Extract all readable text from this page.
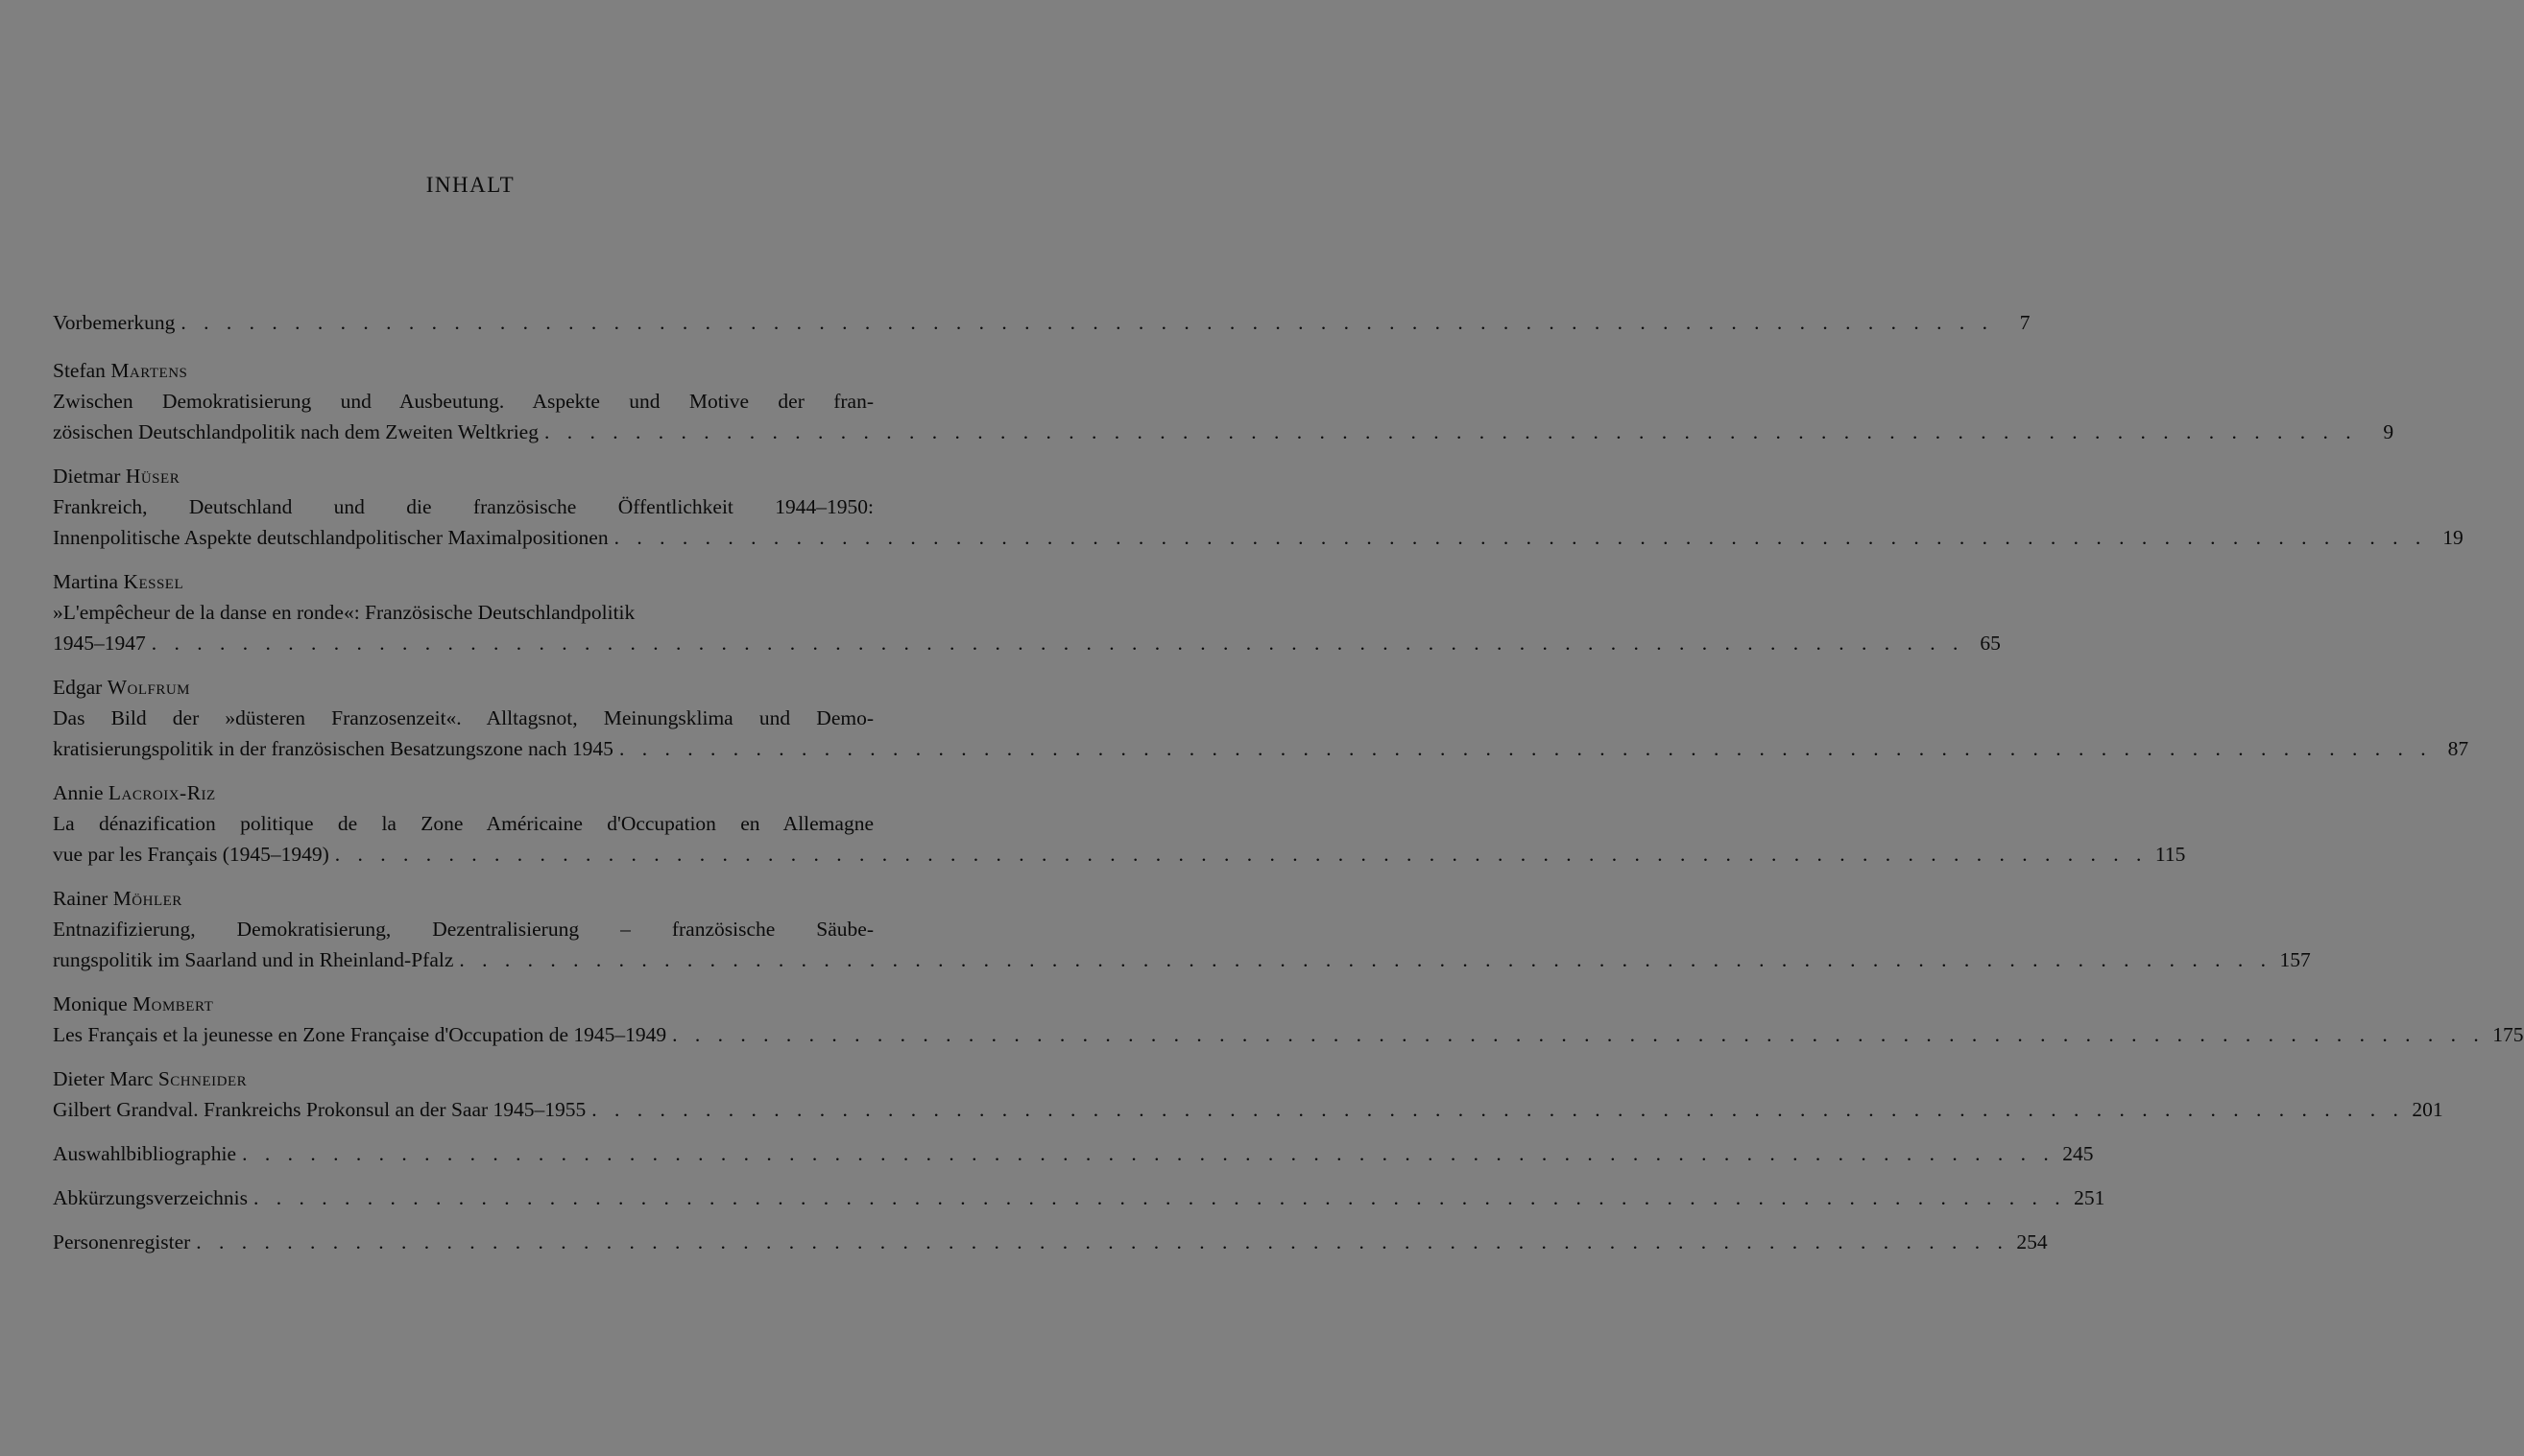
INHALT
Vorbemerkung . . . . . . . . . . . . . . . . . . . . . . . . . . . . . . . . . . . . . . . . . . . . . . . . . . . . . . . . . . . . . . . . . . . . . . . . . . . . . . . .	7
Stefan Martens
Zwischen Demokratisierung und Ausbeutung. Aspekte und Motive der fran-
zösischen Deutschlandpolitik nach dem Zweiten Weltkrieg . . . . . . . . . . . . . . . . . . . . . . . . . . . . . . . . . . . . . . . . . . . . . . . . . . . . . . . . . . . . . . . . . . . . . . . . . . . . . . . .	9
Dietmar Hüser
Frankreich, Deutschland und die französische Öffentlichkeit 1944–1950:
Innenpolitische Aspekte deutschlandpolitischer Maximalpositionen . . . . . . . . . . . . . . . . . . . . . . . . . . . . . . . . . . . . . . . . . . . . . . . . . . . . . . . . . . . . . . . . . . . . . . . . . . . . . . . . 19
Martina Kessel
»L'empêcheur de la danse en ronde«: Französische Deutschlandpolitik
1945–1947 . . . . . . . . . . . . . . . . . . . . . . . . . . . . . . . . . . . . . . . . . . . . . . . . . . . . . . . . . . . . . . . . . . . . . . . . . . . . . . . . 65
Edgar Wolfrum
Das Bild der »düsteren Franzosenzeit«. Alltagsnot, Meinungsklima und Demo-
kratisierungspolitik in der französischen Besatzungszone nach 1945 . . . . . . . . . . . . . . . . . . . . . . . . . . . . . . . . . . . . . . . . . . . . . . . . . . . . . . . . . . . . . . . . . . . . . . . . . . . . . . . . 87
Annie Lacroix-Riz
La dénazification politique de la Zone Américaine d'Occupation en Allemagne
vue par les Français (1945–1949) . . . . . . . . . . . . . . . . . . . . . . . . . . . . . . . . . . . . . . . . . . . . . . . . . . . . . . . . . . . . . . . . . . . . . . . . . . . . . . . . 115
Rainer Möhler
Entnazifizierung, Demokratisierung, Dezentralisierung – französische Säube-
rungspolitik im Saarland und in Rheinland-Pfalz . . . . . . . . . . . . . . . . . . . . . . . . . . . . . . . . . . . . . . . . . . . . . . . . . . . . . . . . . . . . . . . . . . . . . . . . . . . . . . . . 157
Monique Mombert
Les Français et la jeunesse en Zone Française d'Occupation de 1945–1949 . . . . . . . . . . . . . . . . . . . . . . . . . . . . . . . . . . . . . . . . . . . . . . . . . . . . . . . . . . . . . . . . . . . . . . . . . . . . . . . . 175
Dieter Marc Schneider
Gilbert Grandval. Frankreichs Prokonsul an der Saar 1945–1955 . . . . . . . . . . . . . . . . . . . . . . . . . . . . . . . . . . . . . . . . . . . . . . . . . . . . . . . . . . . . . . . . . . . . . . . . . . . . . . . . 201
Auswahlbibliographie . . . . . . . . . . . . . . . . . . . . . . . . . . . . . . . . . . . . . . . . . . . . . . . . . . . . . . . . . . . . . . . . . . . . . . . . . . . . . . . . 245
Abkürzungsverzeichnis . . . . . . . . . . . . . . . . . . . . . . . . . . . . . . . . . . . . . . . . . . . . . . . . . . . . . . . . . . . . . . . . . . . . . . . . . . . . . . . . 251
Personenregister . . . . . . . . . . . . . . . . . . . . . . . . . . . . . . . . . . . . . . . . . . . . . . . . . . . . . . . . . . . . . . . . . . . . . . . . . . . . . . . . 254
